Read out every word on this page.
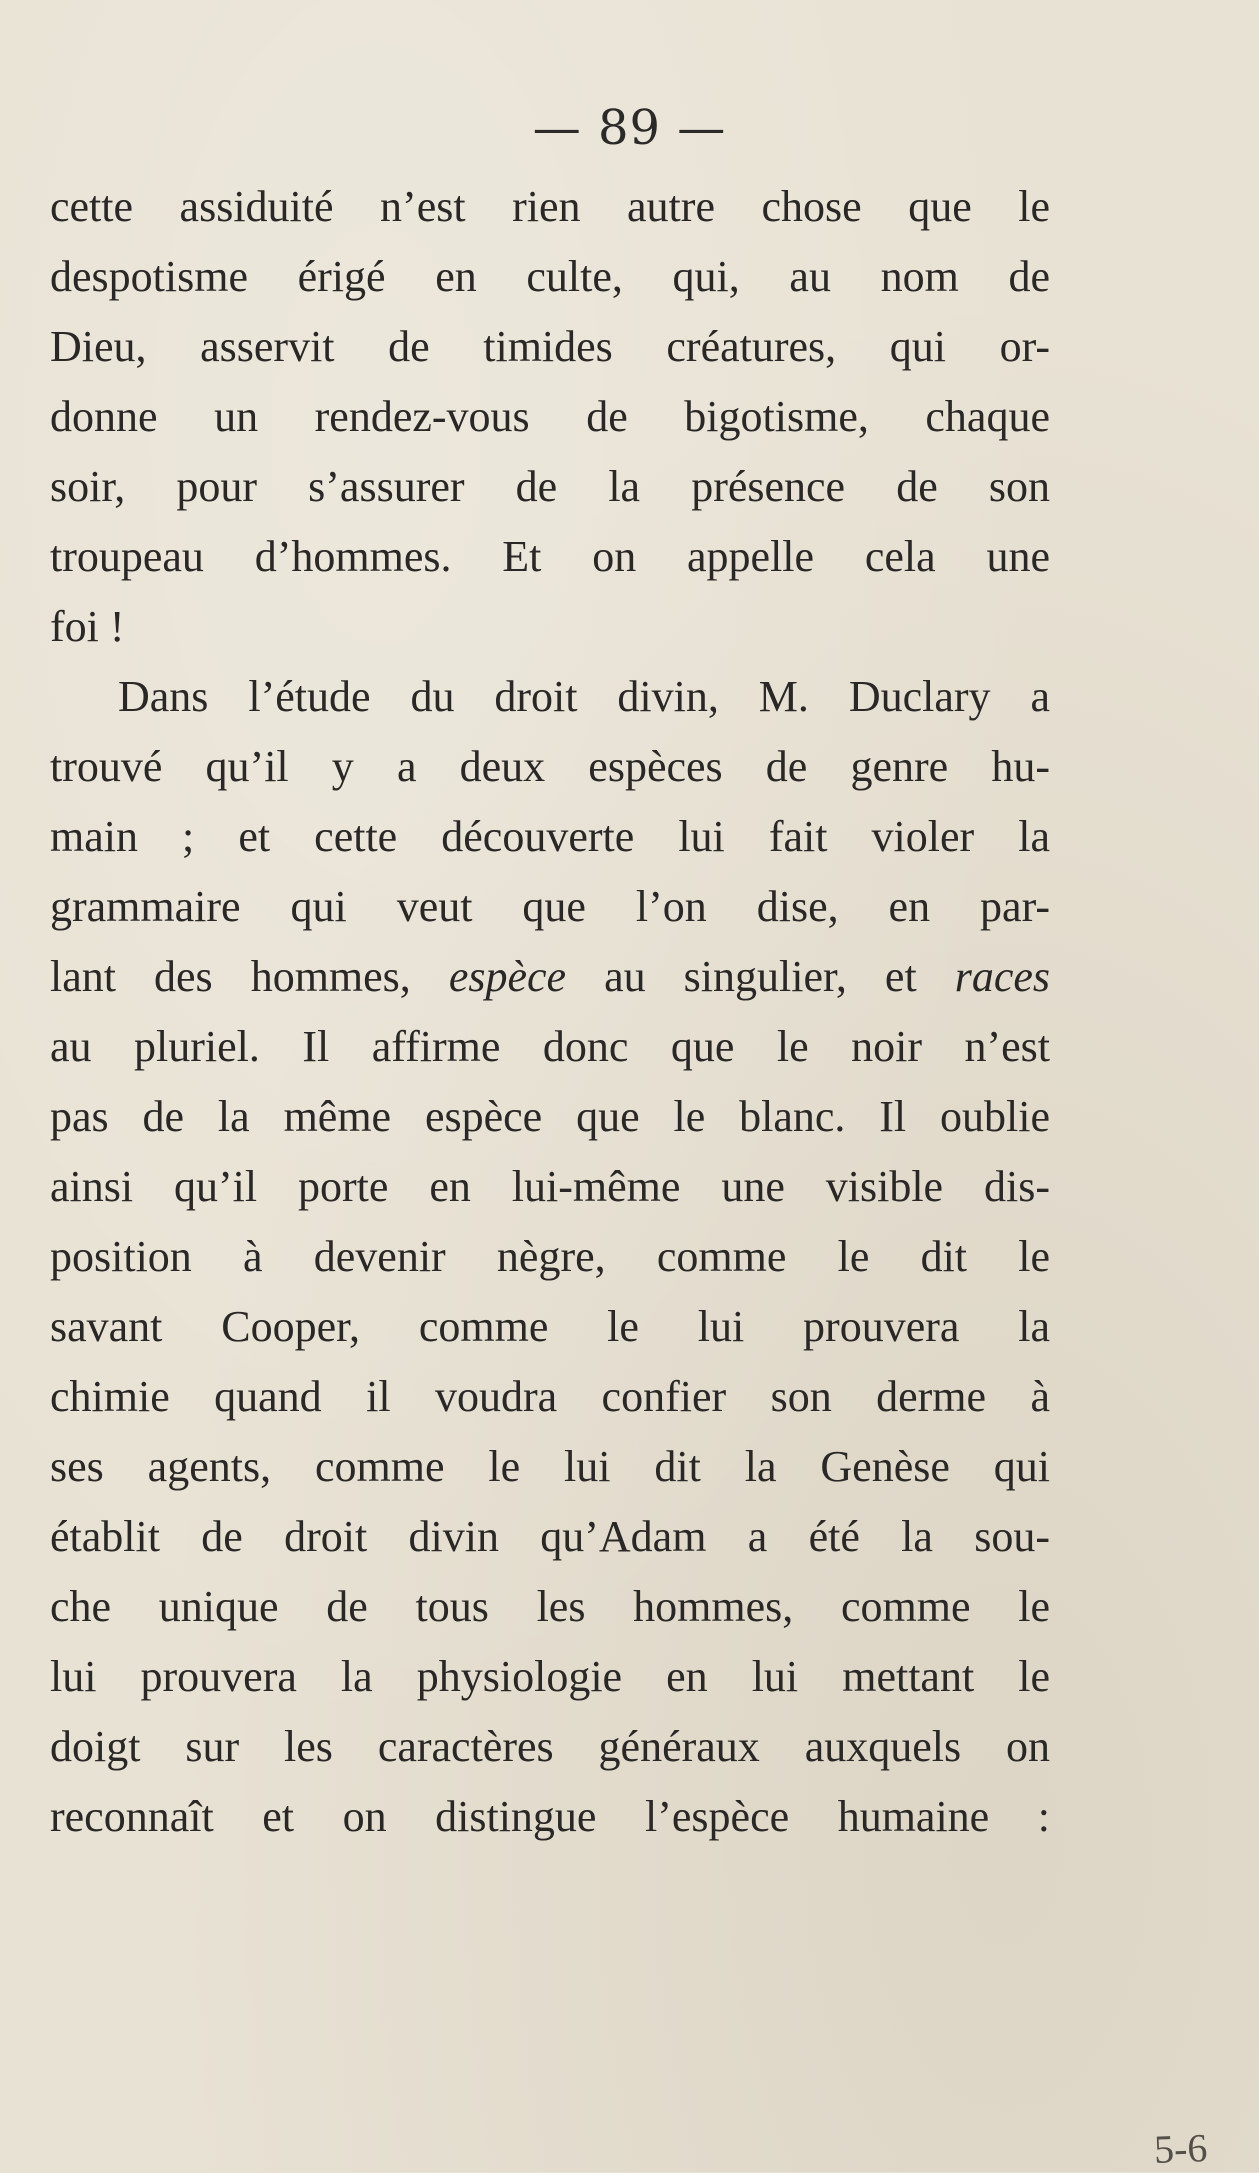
— 89 —
cette assiduité n’est rien autre chose que le
despotisme érigé en culte, qui, au nom de
Dieu, asservit de timides créatures, qui or-
donne un rendez-vous de bigotisme, chaque
soir, pour s’assurer de la présence de son
troupeau d’hommes. Et on appelle cela une
foi !
Dans l’étude du droit divin, M. Duclary a
trouvé qu’il y a deux espèces de genre hu-
main ; et cette découverte lui fait violer la
grammaire qui veut que l’on dise, en par-
lant des hommes, espèce au singulier, et races
au pluriel. Il affirme donc que le noir n’est
pas de la même espèce que le blanc. Il oublie
ainsi qu’il porte en lui-même une visible dis-
position à devenir nègre, comme le dit le
savant Cooper, comme le lui prouvera la
chimie quand il voudra confier son derme à
ses agents, comme le lui dit la Genèse qui
établit de droit divin qu’Adam a été la sou-
che unique de tous les hommes, comme le
lui prouvera la physiologie en lui mettant le
doigt sur les caractères généraux auxquels on
reconnaît et on distingue l’espèce humaine :
5-6
